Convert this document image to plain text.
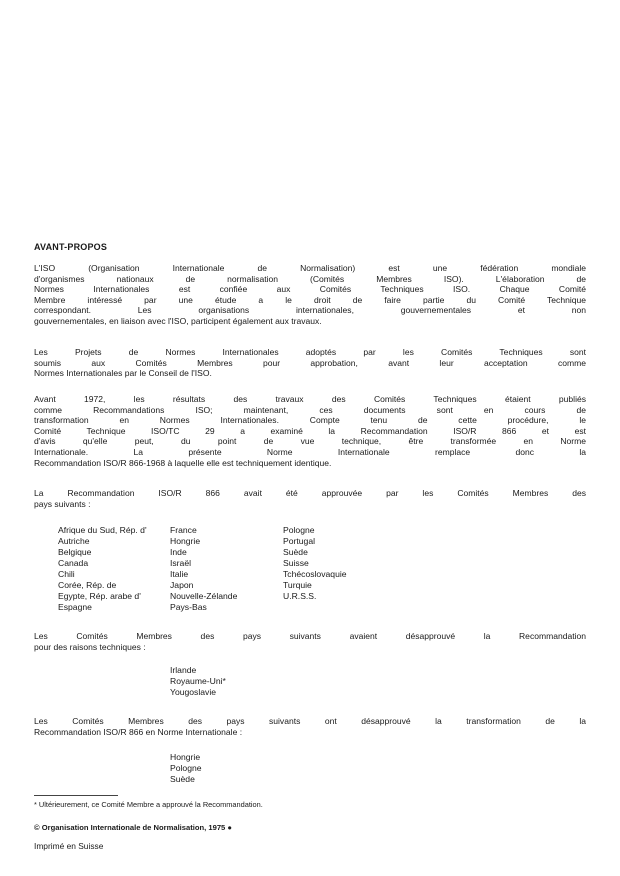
AVANT-PROPOS
L'ISO (Organisation Internationale de Normalisation) est une fédération mondiale
d'organismes nationaux de normalisation (Comités Membres ISO). L'élaboration de
Normes Internationales est confiée aux Comités Techniques ISO. Chaque Comité
Membre intéressé par une étude a le droit de faire partie du Comité Technique
correspondant. Les organisations internationales, gouvernementales et non
gouvernementales, en liaison avec l'ISO, participent également aux travaux.
Les Projets de Normes Internationales adoptés par les Comités Techniques sont
soumis aux Comités Membres pour approbation, avant leur acceptation comme
Normes Internationales par le Conseil de l'ISO.
Avant 1972, les résultats des travaux des Comités Techniques étaient publiés
comme Recommandations ISO; maintenant, ces documents sont en cours de
transformation en Normes Internationales. Compte tenu de cette procédure, le
Comité Technique ISO/TC 29 a examiné la Recommandation ISO/R 866 et est
d'avis qu'elle peut, du point de vue technique, être transformée en Norme
Internationale. La présente Norme Internationale remplace donc la
Recommandation ISO/R 866-1968 à laquelle elle est techniquement identique.
La Recommandation ISO/R 866 avait été approuvée par les Comités Membres des
pays suivants :
Afrique du Sud, Rép. d'
Autriche
Belgique
Canada
Chili
Corée, Rép. de
Egypte, Rép. arabe d'
Espagne
France
Hongrie
Inde
Israël
Italie
Japon
Nouvelle-Zélande
Pays-Bas
Pologne
Portugal
Suède
Suisse
Tchécoslovaquie
Turquie
U.R.S.S.
Les Comités Membres des pays suivants avaient désapprouvé la Recommandation
pour des raisons techniques :
Irlande
Royaume-Uni*
Yougoslavie
Les Comités Membres des pays suivants ont désapprouvé la transformation de la
Recommandation ISO/R 866 en Norme Internationale :
Hongrie
Pologne
Suède
* Ultérieurement, ce Comité Membre a approuvé la Recommandation.
© Organisation Internationale de Normalisation, 1975 ●
Imprimé en Suisse
